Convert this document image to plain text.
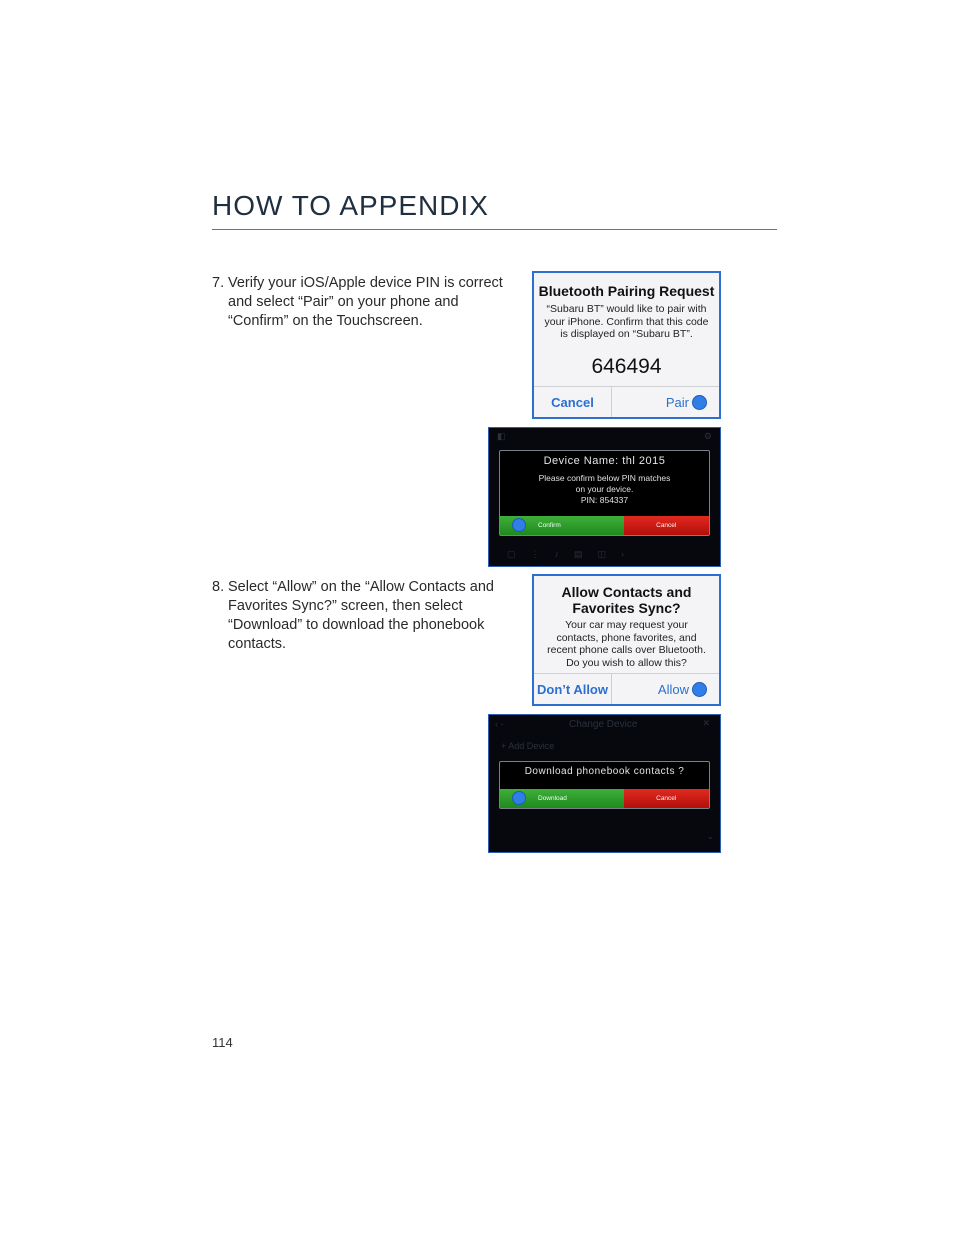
HOW TO APPENDIX
7. Verify your iOS/Apple device PIN is correct and select “Pair” on your phone and “Confirm” on the Touchscreen.
Bluetooth Pairing Request
“Subaru BT” would like to pair with your iPhone. Confirm that this code is displayed on “Subaru BT”.
646494
Cancel	Pair
◧	⚙
Device Name: thl 2015
Please confirm below PIN matches
on your device.
PIN: 854337
Confirm	Cancel
▢      ⋮      ♪      ▤      ◫      ›
8. Select “Allow” on the “Allow Contacts and Favorites Sync?” screen, then select “Download” to download the phonebook contacts.
Allow Contacts and
Favorites Sync?
Your car may request your contacts, phone favorites, and recent phone calls over Bluetooth. Do you wish to allow this?
Don’t Allow	Allow
‹ ◦	Change Device	✕
+ Add Device
Download phonebook contacts ?
Download	Cancel
⌄
114
